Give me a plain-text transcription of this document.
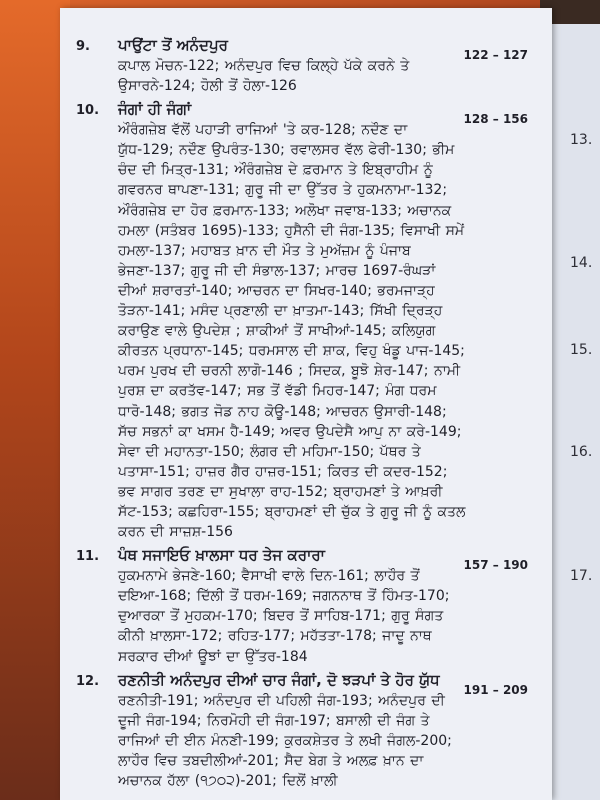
13.
14.
15.
16.
17.
9.	ਪਾਉਂਟਾ ਤੋਂ ਅਨੰਦਪੁਰ
122 – 127
ਕਪਾਲ ਮੋਚਨ-122; ਅਨੰਦਪੁਰ ਵਿਚ ਕਿਲ੍ਹੇ ਪੱਕੇ ਕਰਨੇ ਤੇ ਉਸਾਰਨੇ-124; ਹੋਲੀ ਤੋਂ ਹੋਲਾ-126
10.	ਜੰਗਾਂ ਹੀ ਜੰਗਾਂ
128 – 156
ਔਰੰਗਜ਼ੇਬ ਵੱਲੋਂ ਪਹਾੜੀ ਰਾਜਿਆਂ 'ਤੇ ਕਰ-128; ਨਦੌਣ ਦਾ ਯੁੱਧ-129; ਨਦੌਣ ਉਪਰੰਤ-130; ਰਵਾਲਸਰ ਵੱਲ ਫੇਰੀ-130; ਭੀਮ ਚੰਦ ਦੀ ਮਿਤ੍ਰ-131; ਔਰੰਗਜ਼ੇਬ ਦੇ ਫ਼ਰਮਾਨ ਤੇ ਇਬ੍ਰਾਹੀਮ ਨੂੰ ਗਵਰਨਰ ਥਾਪਣਾ-131; ਗੁਰੂ ਜੀ ਦਾ ਉੱਤਰ ਤੇ ਹੁਕਮਨਾਮਾ-132; ਔਰੰਗਜ਼ੇਬ ਦਾ ਹੋਰ ਫ਼ਰਮਾਨ-133; ਅਲੋਖਾ ਜਵਾਬ-133; ਅਚਾਨਕ ਹਮਲਾ (ਸਤੰਬਰ 1695)-133; ਹੁਸੈਨੀ ਦੀ ਜੰਗ-135; ਵਿਸਾਖੀ ਸਮੇਂ ਹਮਲਾ-137; ਮਹਾਬਤ ਖ਼ਾਨ ਦੀ ਮੌਤ ਤੇ ਮੁਅੱਜ਼ਮ ਨੂੰ ਪੰਜਾਬ ਭੇਜਣਾ-137; ਗੁਰੂ ਜੀ ਦੀ ਸੰਭਾਲ-137; ਮਾਰਚ 1697-ਰੰਘੜਾਂ ਦੀਆਂ ਸ਼ਰਾਰਤਾਂ-140; ਆਚਰਨ ਦਾ ਸਿਖਰ-140; ਭਰਮਜਾੜ੍ਹ ਤੋੜਨਾ-141; ਮਸੰਦ ਪ੍ਰਣਾਲੀ ਦਾ ਖ਼ਾਤਮਾ-143; ਸਿੱਖੀ ਦ੍ਰਿੜ੍ਹ ਕਰਾਉਣ ਵਾਲੇ ਉਪਦੇਸ਼ ; ਸ਼ਾਕੀਆਂ ਤੋਂ ਸਾਖੀਆਂ-145; ਕਲਿਯੁਗ ਕੀਰਤਨ ਪ੍ਰਧਾਨਾ-145; ਧਰਮਸਾਲ ਦੀ ਸ਼ਾਕ, ਵਿਹੁ ਖੰਡੂ ਪਾਜ-145; ਪਰਮ ਪੁਰਖ ਦੀ ਚਰਨੀ ਲਾਗੋ-146 ; ਸਿਦਕ, ਬੂਝੋ ਸ਼ੇਰ-147; ਨਾਮੀ ਪੁਰਸ਼ ਦਾ ਕਰਤੱਵ-147; ਸਭ ਤੋਂ ਵੱਡੀ ਮਿਹਰ-147; ਮੰਗ ਧਰਮ ਧਾਰੋ-148; ਭਗਤ ਜੋਡ ਨਾਹ ਕੋਊ-148; ਆਚਰਨ ਉਸਾਰੀ-148; ਸੱਚ ਸਭਨਾਂ ਕਾ ਖਸਮ ਹੈ-149; ਅਵਰ ਉਪਦੇਸੈ ਆਪੁ ਨਾ ਕਰੇ-149; ਸੇਵਾ ਦੀ ਮਹਾਨਤਾ-150; ਲੰਗਰ ਦੀ ਮਹਿਮਾ-150; ਪੱਥਰ ਤੇ ਪਤਾਸਾ-151; ਹਾਜ਼ਰ ਗੈਰ ਹਾਜ਼ਰ-151; ਕਿਰਤ ਦੀ ਕਦਰ-152; ਭਵ ਸਾਗਰ ਤਰਣ ਦਾ ਸੁਖਾਲਾ ਰਾਹ-152; ਬ੍ਰਾਹਮਣਾਂ ਤੇ ਆਖ਼ਰੀ ਸੱਟ-153; ਕਛਹਿਰਾ-155; ਬ੍ਰਾਹਮਣਾਂ ਦੀ ਚੁੱਕ ਤੇ ਗੁਰੂ ਜੀ ਨੂੰ ਕਤਲ ਕਰਨ ਦੀ ਸਾਜ਼ਸ਼-156
11.	ਪੰਥ ਸਜਾਇਓ ਖ਼ਾਲਸਾ ਧਰ ਤੇਜ ਕਰਾਰਾ
157 – 190
ਹੁਕਮਨਾਮੇ ਭੇਜਣੇ-160; ਵੈਸਾਖੀ ਵਾਲੇ ਦਿਨ-161; ਲਾਹੌਰ ਤੋਂ ਦਇਆ-168; ਦਿੱਲੀ ਤੋਂ ਧਰਮ-169; ਜਗਨਨਾਥ ਤੋਂ ਹਿੰਮਤ-170; ਦੁਆਰਕਾ ਤੋਂ ਮੁਹਕਮ-170; ਬਿਦਰ ਤੋਂ ਸਾਹਿਬ-171; ਗੁਰੂ ਸੰਗਤ ਕੀਨੀ ਖ਼ਾਲਸਾ-172; ਰਹਿਤ-177; ਮਹੱਤਤਾ-178; ਜਾਦੂ ਨਾਥ ਸਰਕਾਰ ਦੀਆਂ ਊਝਾਂ ਦਾ ਉੱਤਰ-184
12.	ਰਣਨੀਤੀ ਅਨੰਦਪੁਰ ਦੀਆਂ ਚਾਰ ਜੰਗਾਂ, ਦੋ ਝੜਪਾਂ ਤੇ ਹੋਰ ਯੁੱਧ
191 – 209
ਰਣਨੀਤੀ-191; ਅਨੰਦਪੁਰ ਦੀ ਪਹਿਲੀ ਜੰਗ-193; ਅਨੰਦਪੁਰ ਦੀ ਦੂਜੀ ਜੰਗ-194; ਨਿਰਮੋਹੀ ਦੀ ਜੰਗ-197; ਬਸਾਲੀ ਦੀ ਜੰਗ ਤੇ ਰਾਜਿਆਂ ਦੀ ਈਨ ਮੰਨਣੀ-199; ਕੁਰਕਸ਼ੇਤਰ ਤੇ ਲਖੀ ਜੰਗਲ-200; ਲਾਹੌਰ ਵਿਚ ਤਬਦੀਲੀਆਂ-201; ਸੈਦ ਬੇਗ ਤੇ ਅਲਫ਼ ਖ਼ਾਨ ਦਾ ਅਚਾਨਕ ਹੱਲਾ (੧੭੦੨)-201; ਦਿਲੋਂ ਖ਼ਾਲੀ
